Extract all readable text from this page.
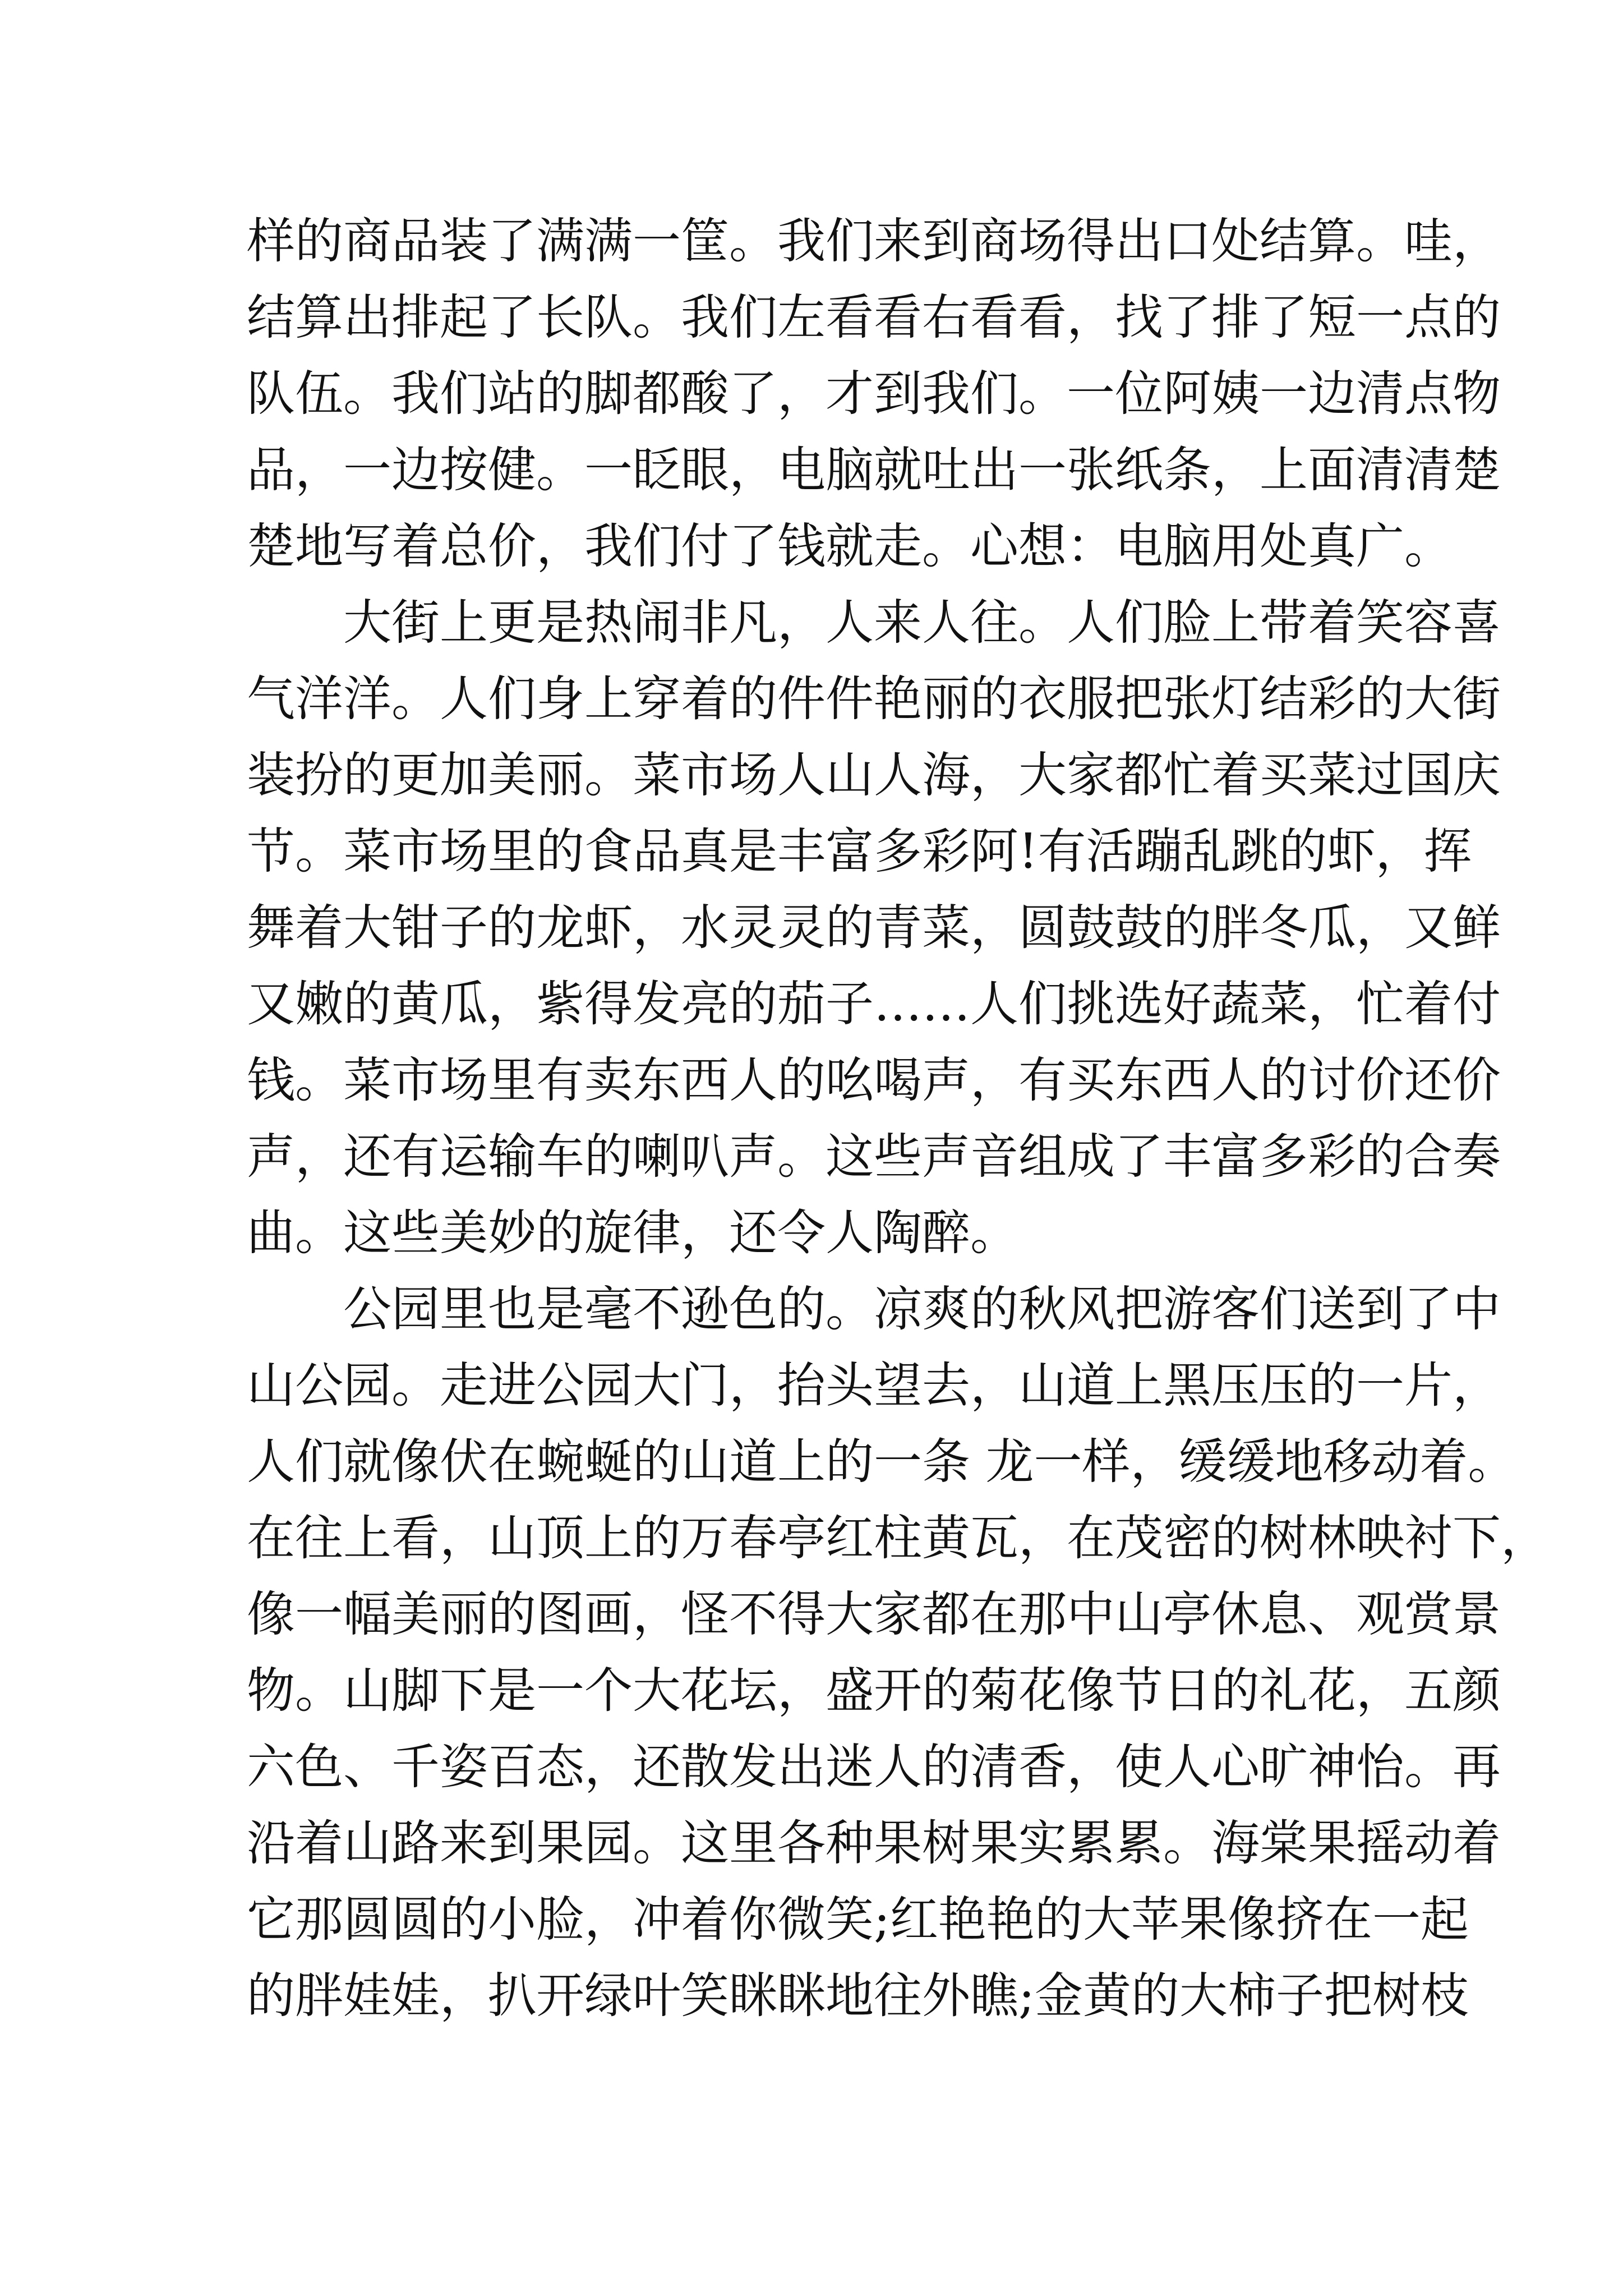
样的商品装了满满一筐。我们来到商场得出口处结算。哇，
结算出排起了长队。我们左看看右看看，找了排了短一点的
队伍。我们站的脚都酸了，才到我们。一位阿姨一边清点物
品，一边按健。一眨眼，电脑就吐出一张纸条，上面清清楚
楚地写着总价，我们付了钱就走。心想：电脑用处真广。
　　大街上更是热闹非凡，人来人往。人们脸上带着笑容喜
气洋洋。人们身上穿着的件件艳丽的衣服把张灯结彩的大街
装扮的更加美丽。菜市场人山人海，大家都忙着买菜过国庆
节。菜市场里的食品真是丰富多彩阿!有活蹦乱跳的虾，挥
舞着大钳子的龙虾，水灵灵的青菜，圆鼓鼓的胖冬瓜，又鲜
又嫩的黄瓜，紫得发亮的茄子……人们挑选好蔬菜，忙着付
钱。菜市场里有卖东西人的吆喝声，有买东西人的讨价还价
声，还有运输车的喇叭声。这些声音组成了丰富多彩的合奏
曲。这些美妙的旋律，还令人陶醉。
　　公园里也是毫不逊色的。凉爽的秋风把游客们送到了中
山公园。走进公园大门，抬头望去，山道上黑压压的一片，
人们就像伏在蜿蜒的山道上的一条 龙一样，缓缓地移动着。
在往上看，山顶上的万春亭红柱黄瓦，在茂密的树林映衬下，
像一幅美丽的图画，怪不得大家都在那中山亭休息、观赏景
物。山脚下是一个大花坛，盛开的菊花像节日的礼花，五颜
六色、千姿百态，还散发出迷人的清香，使人心旷神怡。再
沿着山路来到果园。这里各种果树果实累累。海棠果摇动着
它那圆圆的小脸，冲着你微笑;红艳艳的大苹果像挤在一起
的胖娃娃，扒开绿叶笑眯眯地往外瞧;金黄的大柿子把树枝
